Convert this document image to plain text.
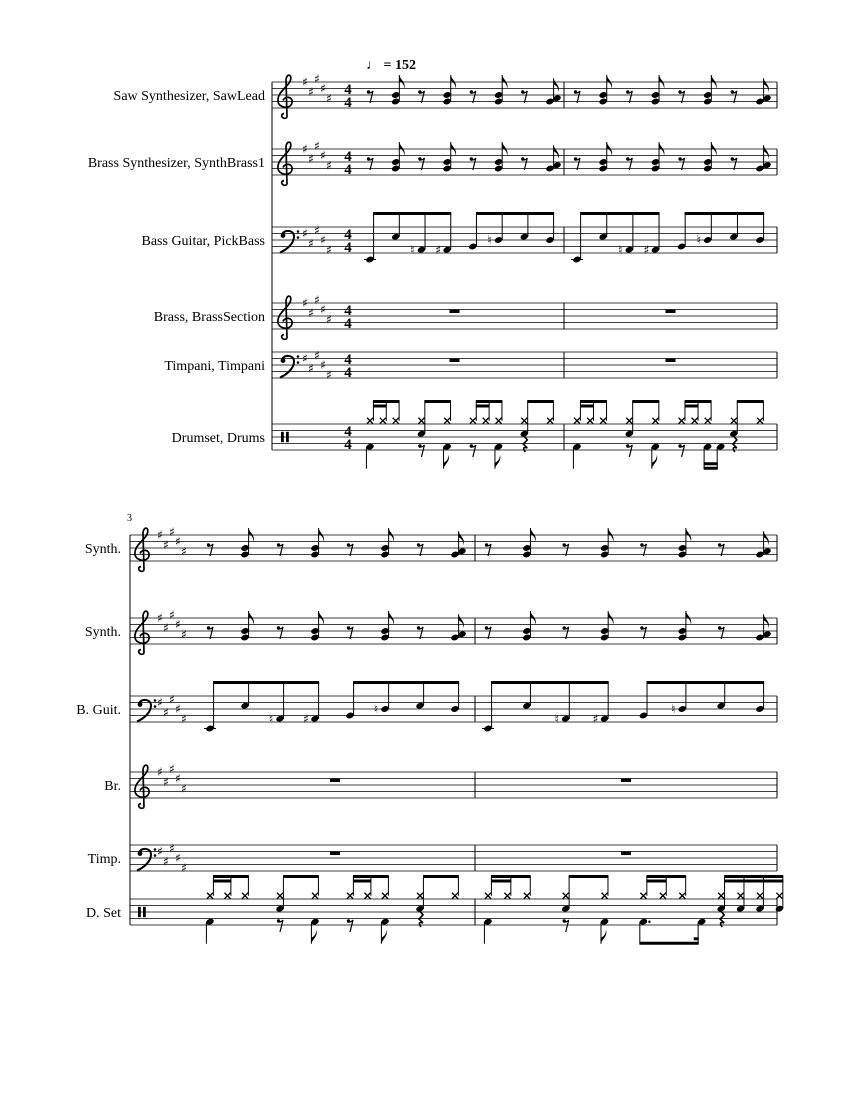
♩ = 152
3
Saw Synthesizer, SawLead
♯
♯
♯
♯
♯
4
4
Brass Synthesizer, SynthBrass1
♯
♯
♯
♯
♯
4
4
Bass Guitar, PickBass
♯
♯
♯
♯
♯
4
4	♮ ♯
♮
♮ ♯
♮
Brass, BrassSection
♯
♯
♯
♯
♯
4
4
Timpani, Timpani
♯
♯
♯
♯
♯
4
4
Drumset, Drums	4
4
Synth.
♯
♯
♯
♯
♯
Synth.
♯
♯
♯
♯
♯
B. Guit.
♯
♯
♯
♯
♯	♮ ♯
♮
♮	♯
♮
Br.
♯
♯
♯
♯
♯
Timp.
♯
♯
♯
♯
♯
D. Set
